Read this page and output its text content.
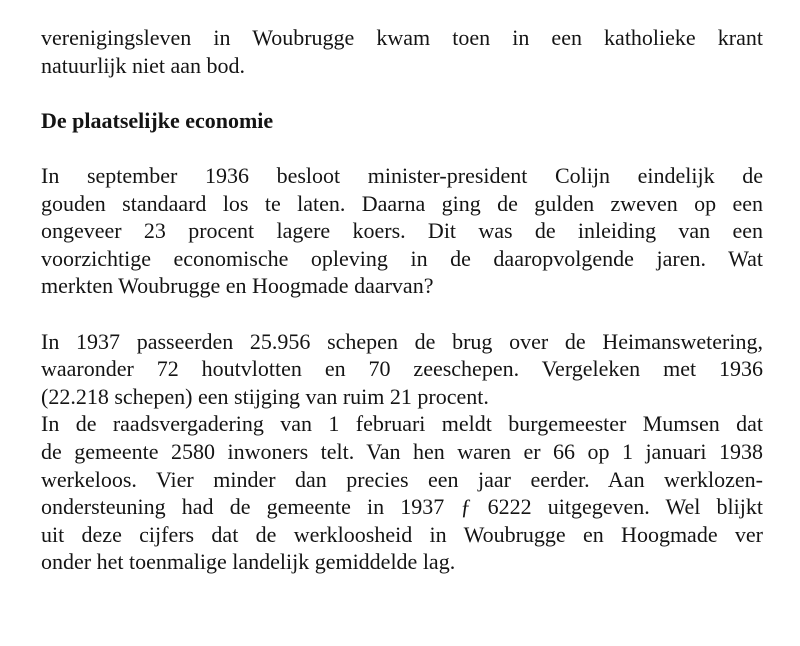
verenigingsleven in Woubrugge kwam toen in een katholieke krant
natuurlijk niet aan bod.

De plaatselijke economie

In september 1936 besloot minister-president Colijn eindelijk de
gouden standaard los te laten. Daarna ging de gulden zweven op een
ongeveer 23 procent lagere koers. Dit was de inleiding van een
voorzichtige economische opleving in de daaropvolgende jaren. Wat
merkten Woubrugge en Hoogmade daarvan?

In 1937 passeerden 25.956 schepen de brug over de Heimanswetering,
waaronder 72 houtvlotten en 70 zeeschepen. Vergeleken met 1936
(22.218 schepen) een stijging van ruim 21 procent.

In de raadsvergadering van 1 februari meldt burgemeester Mumsen dat
de gemeente 2580 inwoners telt. Van hen waren er 66 op 1 januari 1938
werkeloos. Vier minder dan precies een jaar eerder. Aan werklozen-
ondersteuning had de gemeente in 1937 ƒ 6222 uitgegeven. Wel blijkt
uit deze cijfers dat de werkloosheid in Woubrugge en Hoogmade ver
onder het toenmalige landelijk gemiddelde lag.
